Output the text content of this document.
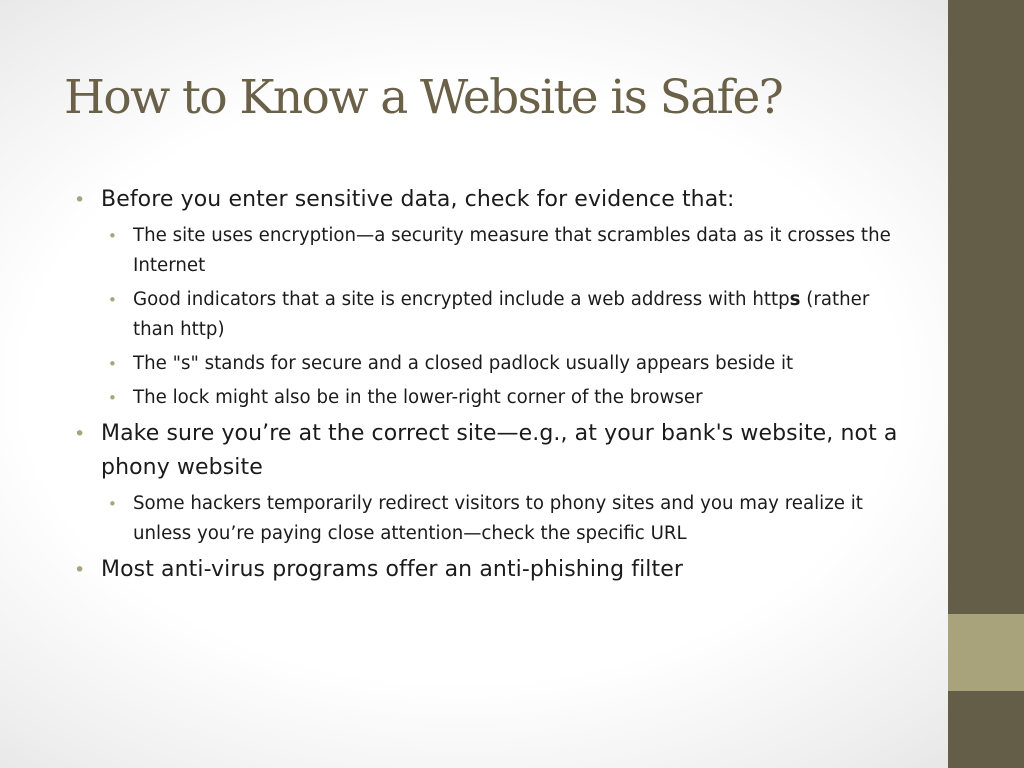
How to Know a Website is Safe?
• Before you enter sensitive data, check for evidence that:
• The site uses encryption—a security measure that scrambles data as it crosses the Internet
• Good indicators that a site is encrypted include a web address with https (rather than http)
• The "s" stands for secure and a closed padlock usually appears beside it
• The lock might also be in the lower-right corner of the browser
• Make sure you’re at the correct site—e.g., at your bank's website, not a phony website
• Some hackers temporarily redirect visitors to phony sites and you may realize it unless you’re paying close attention—check the specific URL
• Most anti-virus programs offer an anti-phishing filter
